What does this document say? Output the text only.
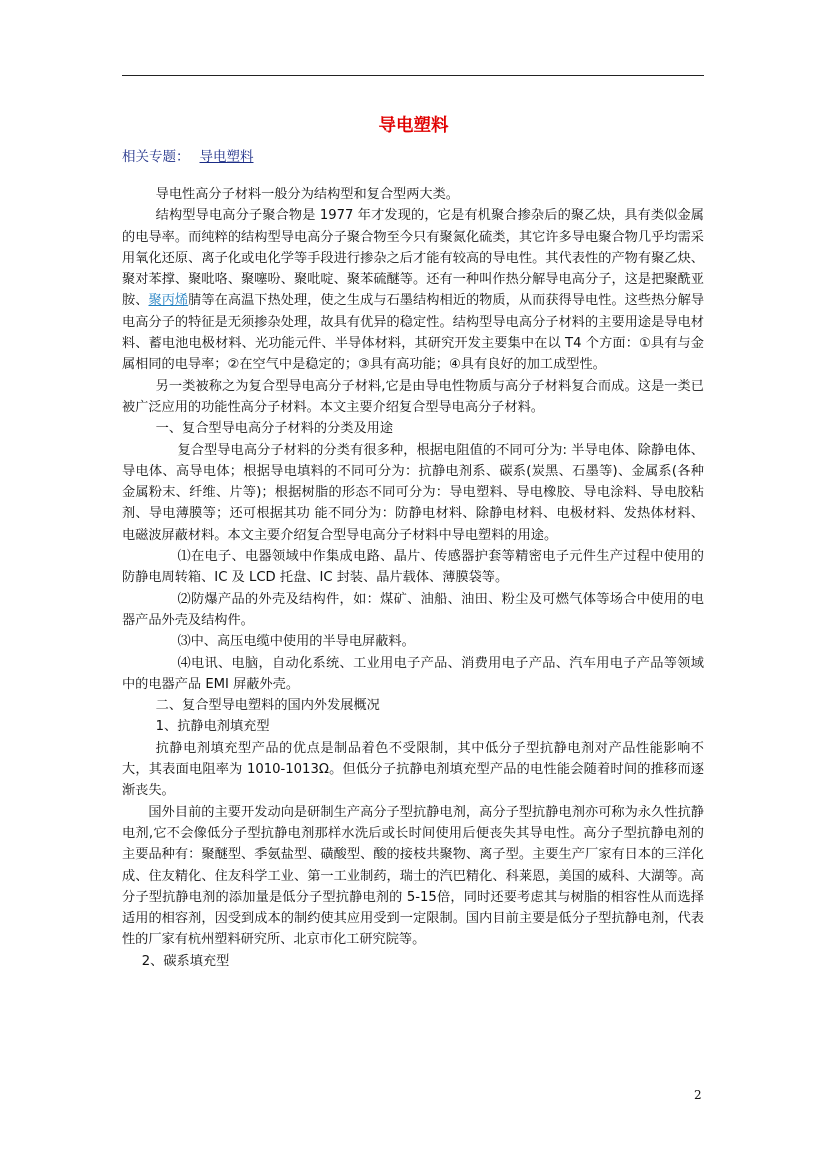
导电塑料
相关专题： 导电塑料

导电性高分子材料一般分为结构型和复合型两大类。

结构型导电高分子聚合物是 1977 年才发现的，它是有机聚合掺杂后的聚乙炔，具有类似金属的电导率。而纯粹的结构型导电高分子聚合物至今只有聚氮化硫类，其它许多导电聚合物几乎均需采用氧化还原、离子化或电化学等手段进行掺杂之后才能有较高的导电性。其代表性的产物有聚乙炔、聚对苯撑、聚吡咯、聚噻吩、聚吡啶、聚苯硫醚等。还有一种叫作热分解导电高分子，这是把聚酰亚胺、聚丙烯腈等在高温下热处理，使之生成与石墨结构相近的物质，从而获得导电性。这些热分解导电高分子的特征是无须掺杂处理，故具有优异的稳定性。结构型导电高分子材料的主要用途是导电材料、蓄电池电极材料、光功能元件、半导体材料，其研究开发主要集中在以 T4 个方面：①具有与金属相同的电导率；②在空气中是稳定的；③具有高功能；④具有良好的加工成型性。

另一类被称之为复合型导电高分子材料,它是由导电性物质与高分子材料复合而成。这是一类已被广泛应用的功能性高分子材料。本文主要介绍复合型导电高分子材料。

一、复合型导电高分子材料的分类及用途

复合型导电高分子材料的分类有很多种，根据电阻值的不同可分为: 半导电体、除静电体、导电体、高导电体；根据导电填料的不同可分为：抗静电剂系、碳系(炭黑、石墨等)、金属系(各种金属粉末、纤维、片等)；根据树脂的形态不同可分为：导电塑料、导电橡胶、导电涂料、导电胶粘剂、导电薄膜等；还可根据其功 能不同分为：防静电材料、除静电材料、电极材料、发热体材料、电磁波屏蔽材料。本文主要介绍复合型导电高分子材料中导电塑料的用途。

⑴在电子、电器领域中作集成电路、晶片、传感器护套等精密电子元件生产过程中使用的防静电周转箱、IC 及 LCD 托盘、IC 封装、晶片载体、薄膜袋等。

⑵防爆产品的外壳及结构件，如：煤矿、油船、油田、粉尘及可燃气体等场合中使用的电器产品外壳及结构件。

⑶中、高压电缆中使用的半导电屏蔽料。

⑷电讯、电脑，自动化系统、工业用电子产品、消费用电子产品、汽车用电子产品等领域中的电器产品 EMI 屏蔽外壳。

二、复合型导电塑料的国内外发展概况

1、抗静电剂填充型

抗静电剂填充型产品的优点是制品着色不受限制，其中低分子型抗静电剂对产品性能影响不大，其表面电阻率为 1010-1013Ω。但低分子抗静电剂填充型产品的电性能会随着时间的推移而逐渐丧失。

国外目前的主要开发动向是研制生产高分子型抗静电剂，高分子型抗静电剂亦可称为永久性抗静电剂,它不会像低分子型抗静电剂那样水洗后或长时间使用后便丧失其导电性。高分子型抗静电剂的主要品种有：聚醚型、季氨盐型、磺酸型、酸的接枝共聚物、离子型。主要生产厂家有日本的三洋化成、住友精化、住友科学工业、第一工业制药，瑞士的汽巴精化、科莱恩，美国的威科、大湖等。高分子型抗静电剂的添加量是低分子型抗静电剂的 5-15倍，同时还要考虑其与树脂的相容性从而选择适用的相容剂，因受到成本的制约使其应用受到一定限制。国内目前主要是低分子型抗静电剂，代表性的厂家有杭州塑料研究所、北京市化工研究院等。

2、碳系填充型

2
